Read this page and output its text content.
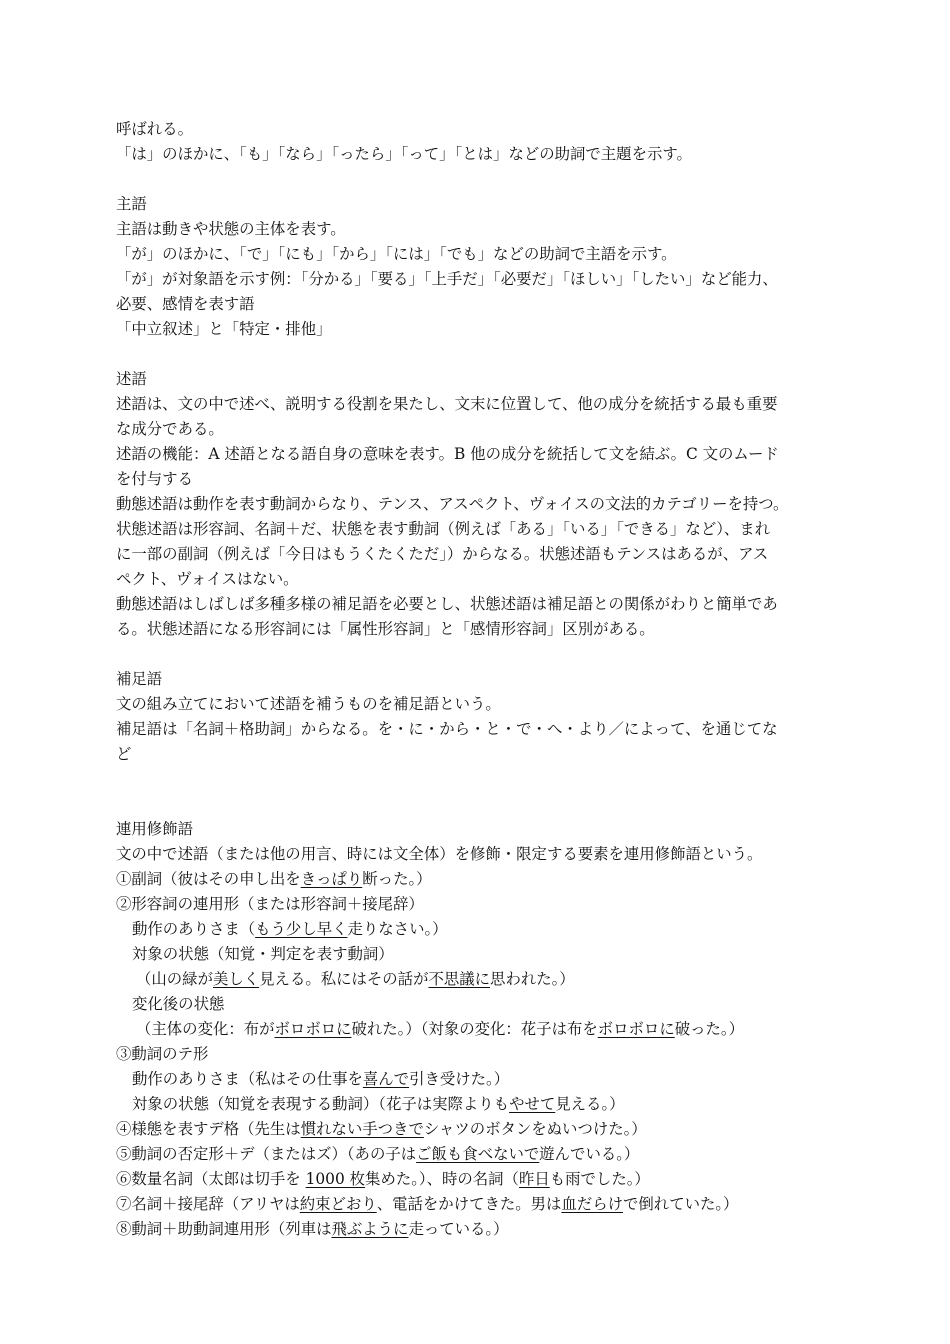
呼ばれる。
「は」のほかに、「も」「なら」「ったら」「って」「とは」などの助詞で主題を示す。
主語
主語は動きや状態の主体を表す。
「が」のほかに、「で」「にも」「から」「には」「でも」などの助詞で主語を示す。
「が」が対象語を示す例：「分かる」「要る」「上手だ」「必要だ」「ほしい」「したい」など能力、
必要、感情を表す語
「中立叙述」と「特定・排他」
述語
述語は、文の中で述べ、説明する役割を果たし、文末に位置して、他の成分を統括する最も重要
な成分である。
述語の機能：A 述語となる語自身の意味を表す。B 他の成分を統括して文を結ぶ。C 文のムード
を付与する
動態述語は動作を表す動詞からなり、テンス、アスペクト、ヴォイスの文法的カテゴリーを持つ。
状態述語は形容詞、名詞＋だ、状態を表す動詞（例えば「ある」「いる」「できる」など）、まれ
に一部の副詞（例えば「今日はもうくたくただ」）からなる。状態述語もテンスはあるが、アス
ペクト、ヴォイスはない。
動態述語はしばしば多種多様の補足語を必要とし、状態述語は補足語との関係がわりと簡単であ
る。状態述語になる形容詞には「属性形容詞」と「感情形容詞」区別がある。
補足語
文の組み立てにおいて述語を補うものを補足語という。
補足語は「名詞＋格助詞」からなる。を・に・から・と・で・へ・より／によって、を通じてな
ど
連用修飾語
文の中で述語（または他の用言、時には文全体）を修飾・限定する要素を連用修飾語という。
①副詞（彼はその申し出をきっぱり断った。）
②形容詞の連用形（または形容詞＋接尾辞）
動作のありさま（もう少し早く走りなさい。）
対象の状態（知覚・判定を表す動詞）
（山の緑が美しく見える。私にはその話が不思議に思われた。）
変化後の状態
（主体の変化：布がボロボロに破れた。）（対象の変化：花子は布をボロボロに破った。）
③動詞のテ形
動作のありさま（私はその仕事を喜んで引き受けた。）
対象の状態（知覚を表現する動詞）（花子は実際よりもやせて見える。）
④様態を表すデ格（先生は慣れない手つきでシャツのボタンをぬいつけた。）
⑤動詞の否定形＋デ（またはズ）（あの子はご飯も食べないで遊んでいる。）
⑥数量名詞（太郎は切手を 1000 枚集めた。）、時の名詞（昨日も雨でした。）
⑦名詞＋接尾辞（アリヤは約束どおり、電話をかけてきた。男は血だらけで倒れていた。）
⑧動詞＋助動詞連用形（列車は飛ぶように走っている。）
